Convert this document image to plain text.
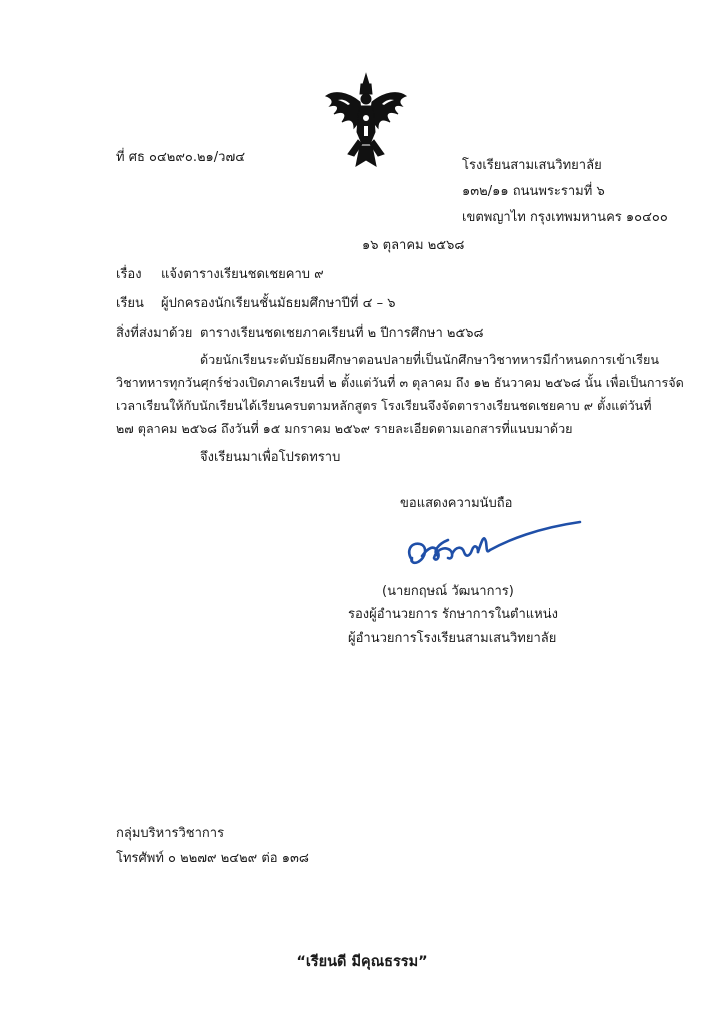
ที่ ศธ ๐๔๒๙๐.๒๑/ว๗๔
โรงเรียนสามเสนวิทยาลัย
๑๓๒/๑๑ ถนนพระรามที่ ๖
เขตพญาไท กรุงเทพมหานคร ๑๐๔๐๐
๑๖ ตุลาคม ๒๕๖๘
เรื่อง แจ้งตารางเรียนชดเชยคาบ ๙
เรียน ผู้ปกครองนักเรียนชั้นมัธยมศึกษาปีที่ ๔ – ๖
สิ่งที่ส่งมาด้วย ตารางเรียนชดเชยภาคเรียนที่ ๒ ปีการศึกษา ๒๕๖๘
ด้วยนักเรียนระดับมัธยมศึกษาตอนปลายที่เป็นนักศึกษาวิชาทหารมีกำหนดการเข้าเรียน
วิชาทหารทุกวันศุกร์ช่วงเปิดภาคเรียนที่ ๒ ตั้งแต่วันที่ ๓ ตุลาคม ถึง ๑๒ ธันวาคม ๒๕๖๘ นั้น เพื่อเป็นการจัด
เวลาเรียนให้กับนักเรียนได้เรียนครบตามหลักสูตร โรงเรียนจึงจัดตารางเรียนชดเชยคาบ ๙ ตั้งแต่วันที่
๒๗ ตุลาคม ๒๕๖๘ ถึงวันที่ ๑๕ มกราคม ๒๕๖๙ รายละเอียดตามเอกสารที่แนบมาด้วย
จึงเรียนมาเพื่อโปรดทราบ
ขอแสดงความนับถือ
(นายกฤษณ์ วัฒนาการ)
รองผู้อำนวยการ รักษาการในตำแหน่ง
ผู้อำนวยการโรงเรียนสามเสนวิทยาลัย
กลุ่มบริหารวิชาการ
โทรศัพท์ ๐ ๒๒๗๙ ๒๔๒๙ ต่อ ๑๓๘
“เรียนดี มีคุณธรรม”
